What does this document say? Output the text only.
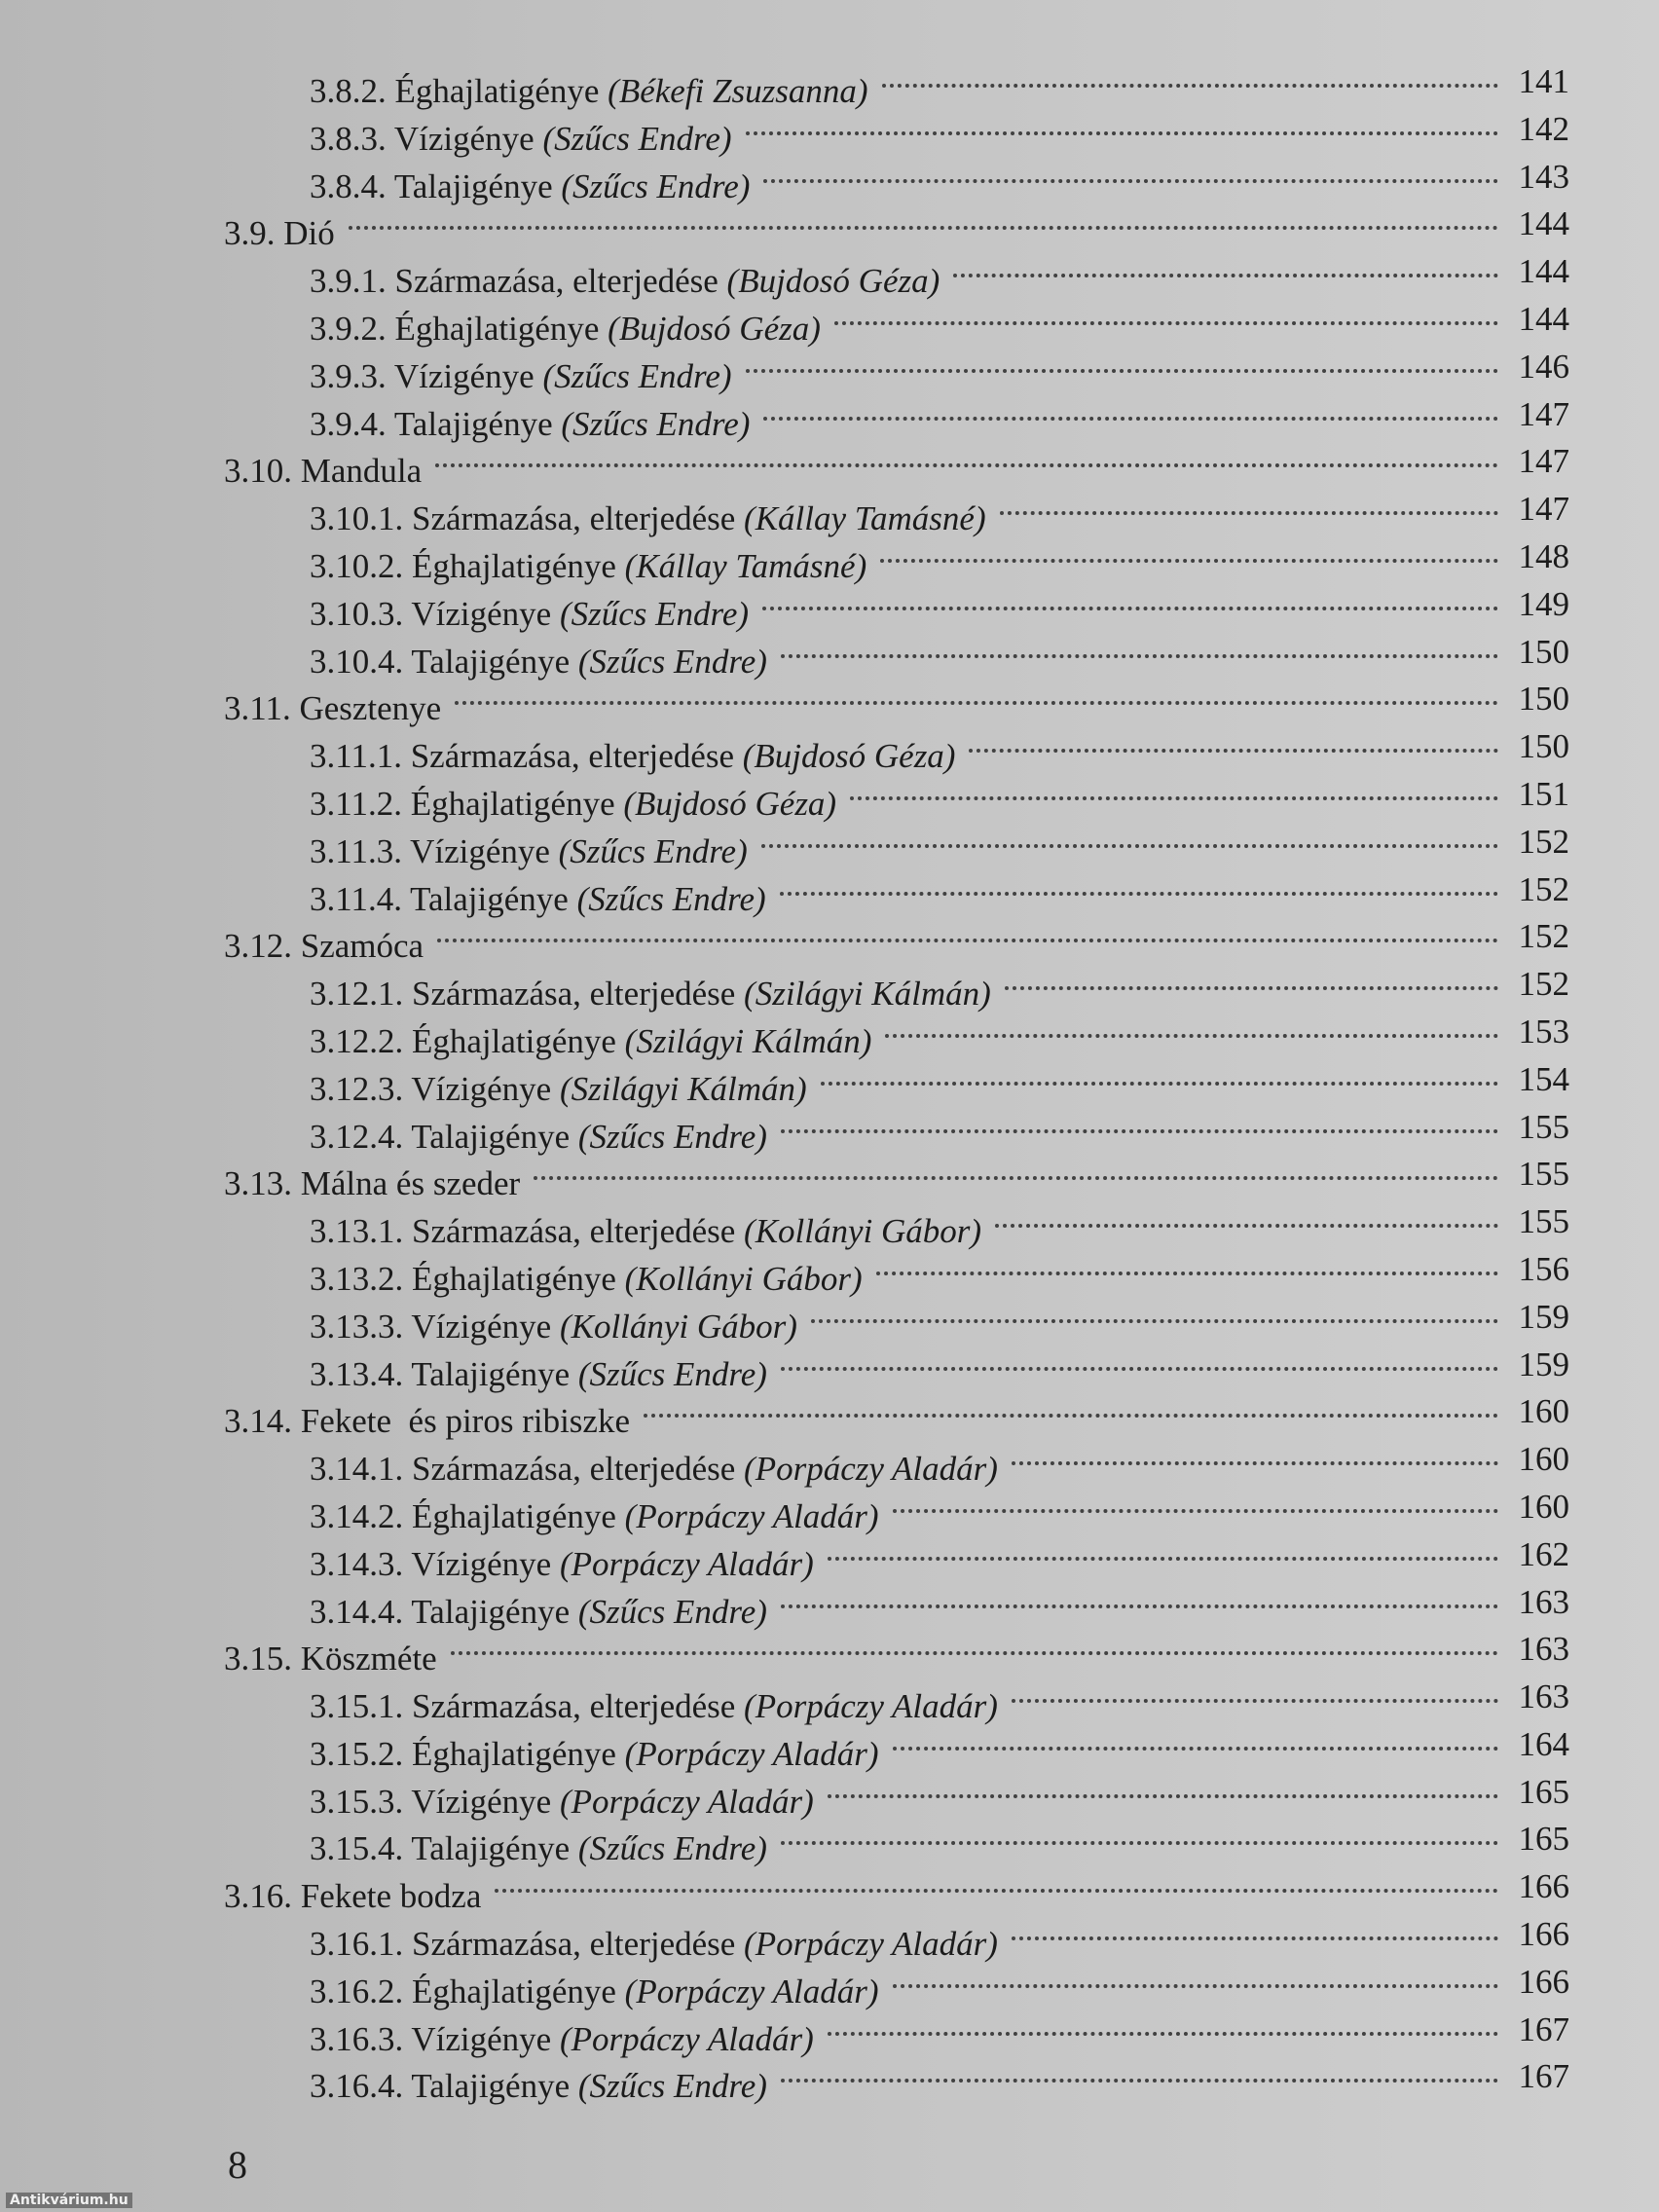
3.8.2. Éghajlatigénye (Békefi Zsuzsanna)	141
3.8.3. Vízigénye (Szűcs Endre)	142
3.8.4. Talajigénye (Szűcs Endre)	143
3.9. Dió	144
3.9.1. Származása, elterjedése (Bujdosó Géza)	144
3.9.2. Éghajlatigénye (Bujdosó Géza)	144
3.9.3. Vízigénye (Szűcs Endre)	146
3.9.4. Talajigénye (Szűcs Endre)	147
3.10. Mandula	147
3.10.1. Származása, elterjedése (Kállay Tamásné)	147
3.10.2. Éghajlatigénye (Kállay Tamásné)	148
3.10.3. Vízigénye (Szűcs Endre)	149
3.10.4. Talajigénye (Szűcs Endre)	150
3.11. Gesztenye	150
3.11.1. Származása, elterjedése (Bujdosó Géza)	150
3.11.2. Éghajlatigénye (Bujdosó Géza)	151
3.11.3. Vízigénye (Szűcs Endre)	152
3.11.4. Talajigénye (Szűcs Endre)	152
3.12. Szamóca	152
3.12.1. Származása, elterjedése (Szilágyi Kálmán)	152
3.12.2. Éghajlatigénye (Szilágyi Kálmán)	153
3.12.3. Vízigénye (Szilágyi Kálmán)	154
3.12.4. Talajigénye (Szűcs Endre)	155
3.13. Málna és szeder	155
3.13.1. Származása, elterjedése (Kollányi Gábor)	155
3.13.2. Éghajlatigénye (Kollányi Gábor)	156
3.13.3. Vízigénye (Kollányi Gábor)	159
3.13.4. Talajigénye (Szűcs Endre)	159
3.14. Fekete  és piros ribiszke	160
3.14.1. Származása, elterjedése (Porpáczy Aladár)	160
3.14.2. Éghajlatigénye (Porpáczy Aladár)	160
3.14.3. Vízigénye (Porpáczy Aladár)	162
3.14.4. Talajigénye (Szűcs Endre)	163
3.15. Köszméte	163
3.15.1. Származása, elterjedése (Porpáczy Aladár)	163
3.15.2. Éghajlatigénye (Porpáczy Aladár)	164
3.15.3. Vízigénye (Porpáczy Aladár)	165
3.15.4. Talajigénye (Szűcs Endre)	165
3.16. Fekete bodza	166
3.16.1. Származása, elterjedése (Porpáczy Aladár)	166
3.16.2. Éghajlatigénye (Porpáczy Aladár)	166
3.16.3. Vízigénye (Porpáczy Aladár)	167
3.16.4. Talajigénye (Szűcs Endre)	167
8
Antikvárium.hu
